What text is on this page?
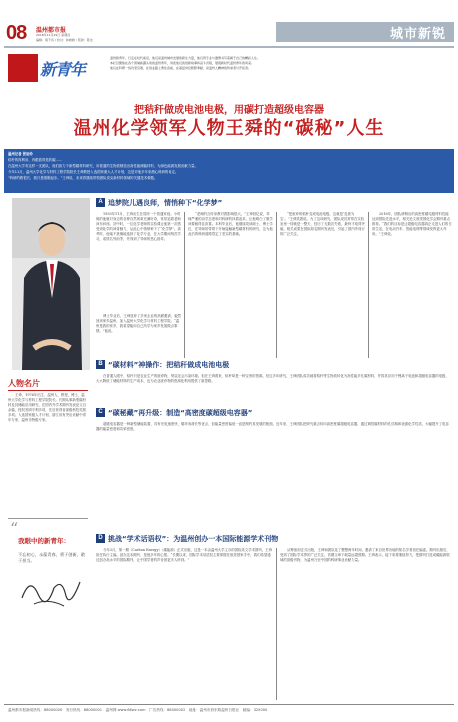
08 温州都市报
2018年11月29日 星期四
编辑：胡不汤 / 校对：林晓晓 / 照排：陈洁	城市新锐
新青年
温州新青年，行走在时代前沿，他们是温州城市发展的新生力量，他们用专业与激情书写着属于自己的精彩人生。
本栏目聚焦在各个领域崭露头角的温州青年，讲述他们的创新故事和奋斗历程，展现新时代温州青年的风采。
他们在科研一线攻坚克难，在创业路上勇往直前，在基层岗位默默奉献，是温州人精神的传承者与开拓者。
把秸秆做成电池电极，用碳打造超级电容器
温州化学领军人物王舜的“碳秘”人生
温州记者 张旭伶
秸秆的再利用、肉眼看得见的碳……
在温州大学有这样一支团队，他们致力于新型碳材料研究，用普通的生物质制造出高性能储能材料，为绿色能源发展贡献力量。
今年11月，温州大学化学与材料工程学院院长王舜教授入选国家重大人才计划，这是对他多年来潜心科研的肯定。
“科研的路很长，我只是刚刚起步。”王舜说，未来将继续带领团队攻克新材料领域的关键技术难题。
人物名片

王舜，1976年出生，温州人，教授，博士，温州大学化学与材料工程学院院长。长期从事新型碳材料及其储能应用研究，在国内外学术期刊发表论文百余篇，授权发明专利多项，先后获得省部级科技奖励多项。入选国家级人才计划，浙江省有突出贡献中青年专家，温州市特级专家。

“
我眼中的新青年：
不忘初心，永葆青春，勇于创新，敢于担当。
A 追梦院儿遇良师，情悄种下“化学梦”

1993年11月，王舜出生在瑞安一个普通家庭。小时候的他就对身边的各种自然现象充满好奇，常常追着老师问东问西。初中时，一位化学老师的实验课让他第一次感受到化学的神奇魅力，从此心中悄悄种下了“化学梦”。高考时，他毫不犹豫地选择了化学专业，在大学期间刻苦学习，成绩名列前茅，并得到了导师的悉心指导。

博士毕业后，王舜放弃了多家企业的高薪邀请，毅然回到家乡温州，加入温州大学化学与材料工程学院。“温州是我的家乡，我希望能用自己所学为家乡发展做点事情。”他说。

“老师的言传身教对我影响很大。”王舜回忆说，导师严谨的治学态度和对科研的执着追求，让他明白了做学问要耐得住寂寞。本科毕业后，他继续攻读硕士、博士学位，在导师的带领下开始接触新型碳材料的研究，这为他此后的科研道路奠定了坚实的基础。

“把废弃的秸秆变成电池电极，这就是‘变废为宝’。”王舜笑着说。为了这项研究，团队成员常常在实验室里一待就是一整天，经历了无数次失败，最终才取得突破。相关成果在国际知名期刊发表后，引起了国内外同行的广泛关注。

2016年，团队研制出的高密度碳电极材料性能达到国际先进水平，相关论文被美国化学会期刊重点推荐。“我们的目标是让超级电容器真正走进人们的日常生活，在电动汽车、智能电网等领域发挥更大作用。”王舜说。

B “碳材料”神操作：把秸秆做成电池电极

在普通人眼中，秸秆只是农业生产的废弃物，焚烧还会污染环境。但在王舜看来，秸秆却是一种宝贵的资源。经过多年研究，王舜团队成功地将秸秆等生物质转化为高性能多孔碳材料，并将其应用于锂离子电池和超级电容器的电极，大大降低了储能材料的生产成本，也为农业废弃物的资源化利用提供了新思路。

C “碳秘藏”再升级：制造“高密度碳超级电容器”

超级电容器是一种新型储能装置，具有充电速度快、循环寿命长等优点，但能量密度偏低一直是制约其发展的瓶颈。近年来，王舜团队把研究重点转向高密度碳超级电容器，通过调控碳材料的孔结构和表面化学性质，大幅提升了电容器的能量密度和功率密度。

D 挑战“学术话语权”：为温州创办一本国际能源学术刊物

今年3月，第一期《Carbon Energy》（碳能源）正式出版，这是一本由温州大学主办的国际英文学术期刊，王舜担任执行主编。创办这本期刊，是他多年的心愿。“长期以来，国际学术话语权主要掌握在欧美国家手中，我们希望通过创办高水平的国际期刊，让中国学者的声音被更多人听到。”

从筹备到正式出版，王舜和团队花了整整两年时间，邀请了来自世界各地的知名学者担任编委。期刊出版后，受到了国际学术界的广泛关注，首期文章下载量远超预期。王舜表示，接下来将继续努力，把期刊打造成碳能源领域的顶级刊物，为温州乃至中国的科研事业贡献力量。

温州都市报新闻热线：88000000　发行热线：88000001　温州网 www.66wz.com　广告热线：88000002　地址：温州市府东路温州日报社　邮编：325000
